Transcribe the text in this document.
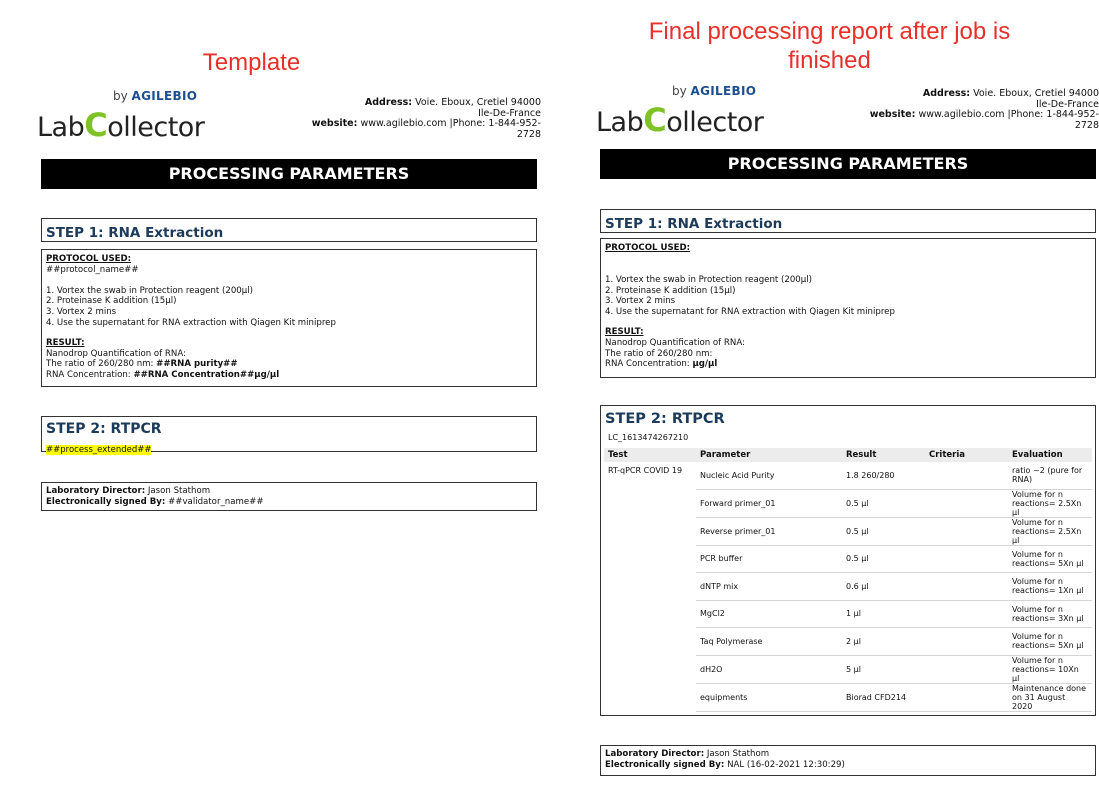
Template
by AGILEBIO
LabCollector
Address: Voie. Eboux, Cretiel 94000
Ile-De-France
website: www.agilebio.com |Phone: 1-844-952-2728
PROCESSING PARAMETERS
STEP 1: RNA Extraction
PROTOCOL USED:
##protocol_name##
1. Vortex the swab in Protection reagent (200µl)
2. Proteinase K addition (15µl)
3. Vortex 2 mins
4. Use the supernatant for RNA extraction with Qiagen Kit miniprep
RESULT:
Nanodrop Quantification of RNA:
The ratio of 260/280 nm: ##RNA purity##
RNA Concentration: ##RNA Concentration##µg/µl
STEP 2: RTPCR
##process_extended##
Laboratory Director: Jason Stathom
Electronically signed By: ##validator_name##
Final processing report after job is
finished
by AGILEBIO
LabCollector
Address: Voie. Eboux, Cretiel 94000
Ile-De-France
website: www.agilebio.com |Phone: 1-844-952-2728
PROCESSING PARAMETERS
STEP 1: RNA Extraction
PROTOCOL USED:
1. Vortex the swab in Protection reagent (200µl)
2. Proteinase K addition (15µl)
3. Vortex 2 mins
4. Use the supernatant for RNA extraction with Qiagen Kit miniprep
RESULT:
Nanodrop Quantification of RNA:
The ratio of 260/280 nm:
RNA Concentration: µg/µl
STEP 2: RTPCR
LC_1613474267210
Test	Parameter	Result	Criteria	Evaluation
RT-qPCR COVID 19	Nucleic Acid Purity	1.8 260/280		ratio ~2 (pure for RNA)
	Forward primer_01	0.5 µl		Volume for n reactions= 2.5Xn µl
	Reverse primer_01	0.5 µl		Volume for n reactions= 2.5Xn µl
	PCR buffer	0.5 µl		Volume for n reactions= 5Xn µl
	dNTP mix	0.6 µl		Volume for n reactions= 1Xn µl
	MgCl2	1 µl		Volume for n reactions= 3Xn µl
	Taq Polymerase	2 µl		Volume for n reactions= 5Xn µl
	dH2O	5 µl		Volume for n reactions= 10Xn µl
	equipments	Biorad CFD214		Maintenance done on 31 August 2020
Laboratory Director: Jason Stathom
Electronically signed By: NAL (16-02-2021 12:30:29)
